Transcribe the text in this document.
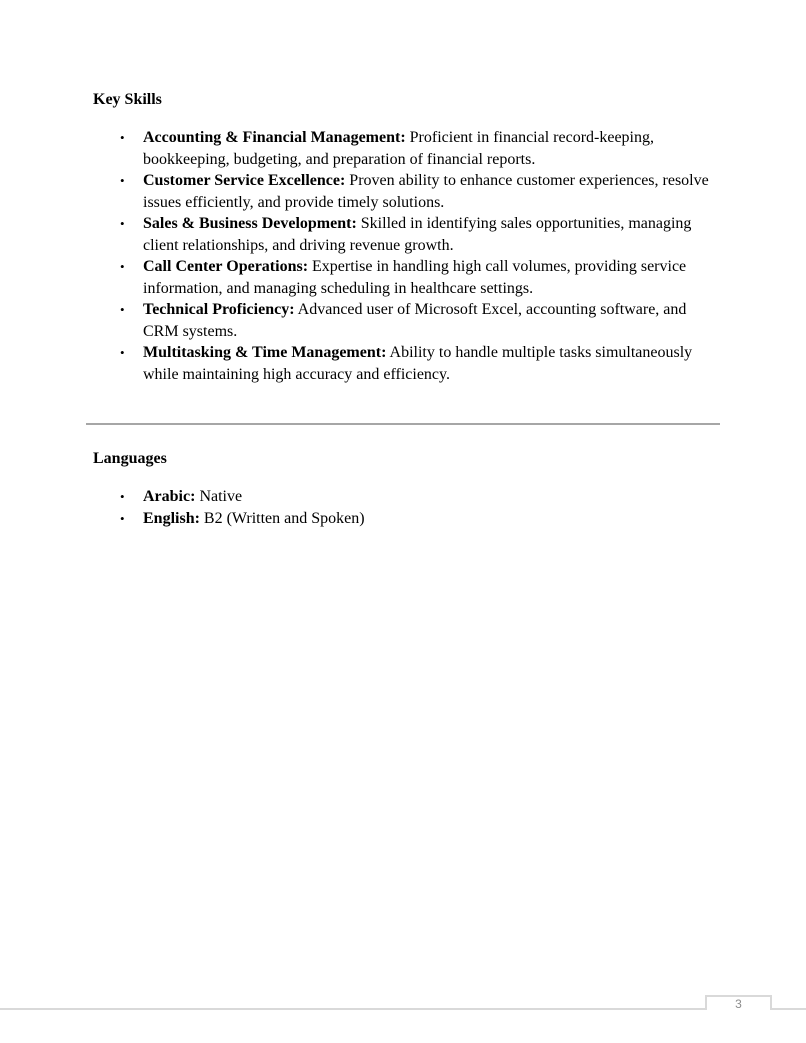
Key Skills
• Accounting & Financial Management: Proficient in financial record-keeping, bookkeeping, budgeting, and preparation of financial reports.
• Customer Service Excellence: Proven ability to enhance customer experiences, resolve issues efficiently, and provide timely solutions.
• Sales & Business Development: Skilled in identifying sales opportunities, managing client relationships, and driving revenue growth.
• Call Center Operations: Expertise in handling high call volumes, providing service information, and managing scheduling in healthcare settings.
• Technical Proficiency: Advanced user of Microsoft Excel, accounting software, and CRM systems.
• Multitasking & Time Management: Ability to handle multiple tasks simultaneously while maintaining high accuracy and efficiency.
Languages
• Arabic: Native
• English: B2 (Written and Spoken)
3
